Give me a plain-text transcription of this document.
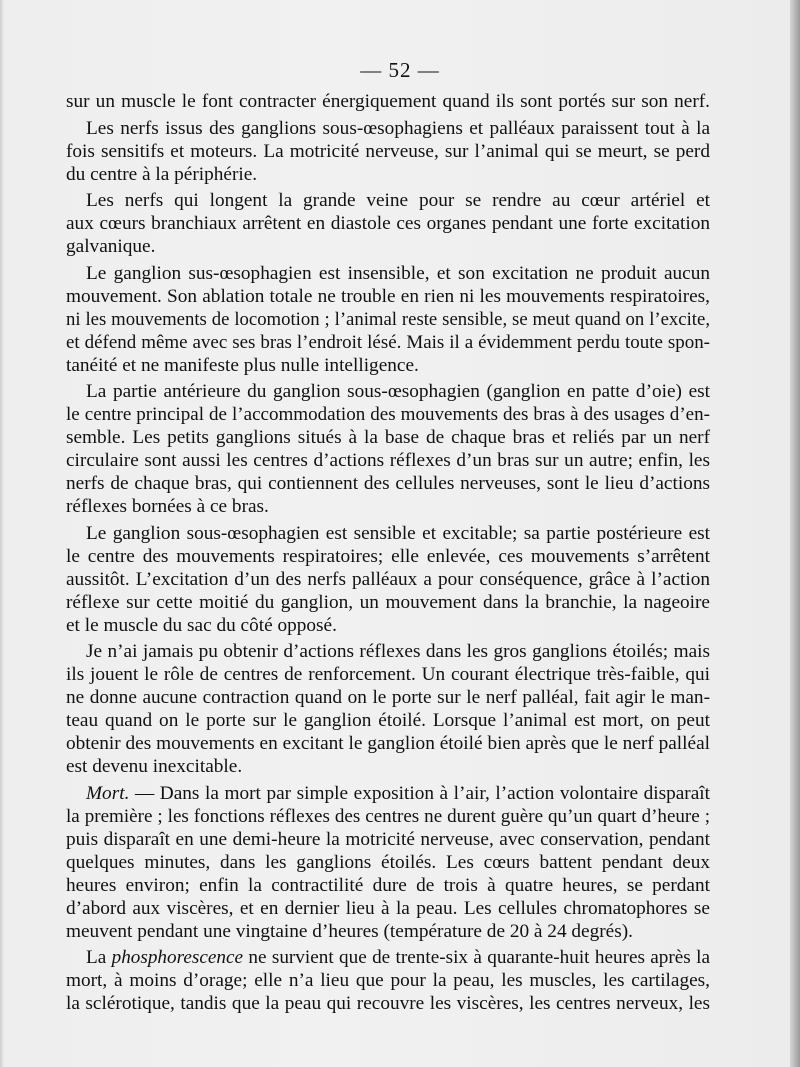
— 52 —
sur un muscle le font contracter énergiquement quand ils sont portés sur son nerf.
Les nerfs issus des ganglions sous-œsophagiens et palléaux paraissent tout à la
fois sensitifs et moteurs. La motricité nerveuse, sur l’animal qui se meurt, se perd
du centre à la périphérie.
Les nerfs qui longent la grande veine pour se rendre au cœur artériel et
aux cœurs branchiaux arrêtent en diastole ces organes pendant une forte excitation
galvanique.
Le ganglion sus-œsophagien est insensible, et son excitation ne produit aucun
mouvement. Son ablation totale ne trouble en rien ni les mouvements respiratoires,
ni les mouvements de locomotion ; l’animal reste sensible, se meut quand on l’excite,
et défend même avec ses bras l’endroit lésé. Mais il a évidemment perdu toute spon-
tanéité et ne manifeste plus nulle intelligence.
La partie antérieure du ganglion sous-œsophagien (ganglion en patte d’oie) est
le centre principal de l’accommodation des mouvements des bras à des usages d’en-
semble. Les petits ganglions situés à la base de chaque bras et reliés par un nerf
circulaire sont aussi les centres d’actions réflexes d’un bras sur un autre; enfin, les
nerfs de chaque bras, qui contiennent des cellules nerveuses, sont le lieu d’actions
réflexes bornées à ce bras.
Le ganglion sous-œsophagien est sensible et excitable; sa partie postérieure est
le centre des mouvements respiratoires; elle enlevée, ces mouvements s’arrêtent
aussitôt. L’excitation d’un des nerfs palléaux a pour conséquence, grâce à l’action
réflexe sur cette moitié du ganglion, un mouvement dans la branchie, la nageoire
et le muscle du sac du côté opposé.
Je n’ai jamais pu obtenir d’actions réflexes dans les gros ganglions étoilés; mais
ils jouent le rôle de centres de renforcement. Un courant électrique très-faible, qui
ne donne aucune contraction quand on le porte sur le nerf palléal, fait agir le man-
teau quand on le porte sur le ganglion étoilé. Lorsque l’animal est mort, on peut
obtenir des mouvements en excitant le ganglion étoilé bien après que le nerf palléal
est devenu inexcitable.
Mort. — Dans la mort par simple exposition à l’air, l’action volontaire disparaît
la première ; les fonctions réflexes des centres ne durent guère qu’un quart d’heure ;
puis disparaît en une demi-heure la motricité nerveuse, avec conservation, pendant
quelques minutes, dans les ganglions étoilés. Les cœurs battent pendant deux
heures environ; enfin la contractilité dure de trois à quatre heures, se perdant
d’abord aux viscères, et en dernier lieu à la peau. Les cellules chromatophores se
meuvent pendant une vingtaine d’heures (température de 20 à 24 degrés).
La phosphorescence ne survient que de trente-six à quarante-huit heures après la
mort, à moins d’orage; elle n’a lieu que pour la peau, les muscles, les cartilages,
la sclérotique, tandis que la peau qui recouvre les viscères, les centres nerveux, les
